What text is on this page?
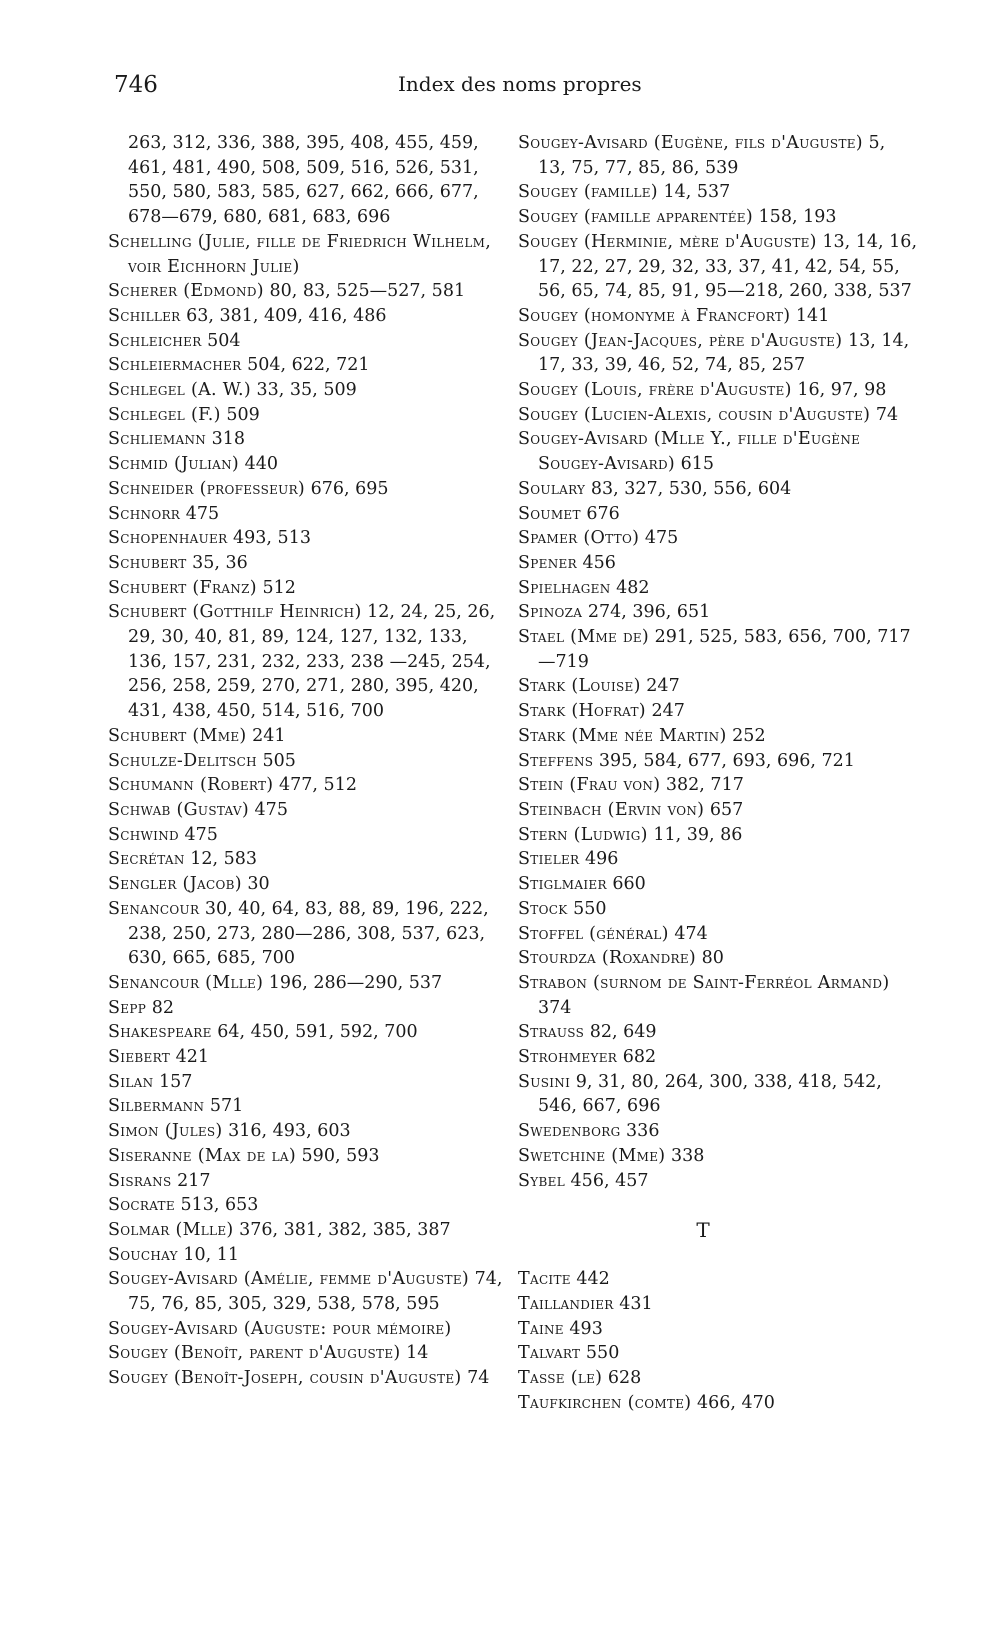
746	Index des noms propres
263, 312, 336, 388, 395, 408, 455, 459, 461, 481, 490, 508, 509, 516, 526, 531, 550, 580, 583, 585, 627, 662, 666, 677, 678—679, 680, 681, 683, 696
Schelling (Julie, fille de Friedrich Wilhelm, voir Eichhorn Julie)
Scherer (Edmond) 80, 83, 525—527, 581
Schiller 63, 381, 409, 416, 486
Schleicher 504
Schleiermacher 504, 622, 721
Schlegel (A. W.) 33, 35, 509
Schlegel (F.) 509
Schliemann 318
Schmid (Julian) 440
Schneider (professeur) 676, 695
Schnorr 475
Schopenhauer 493, 513
Schubert 35, 36
Schubert (Franz) 512
Schubert (Gotthilf Heinrich) 12, 24, 25, 26, 29, 30, 40, 81, 89, 124, 127, 132, 133, 136, 157, 231, 232, 233, 238 —245, 254, 256, 258, 259, 270, 271, 280, 395, 420, 431, 438, 450, 514, 516, 700
Schubert (Mme) 241
Schulze-Delitsch 505
Schumann (Robert) 477, 512
Schwab (Gustav) 475
Schwind 475
Secrétan 12, 583
Sengler (Jacob) 30
Senancour 30, 40, 64, 83, 88, 89, 196, 222, 238, 250, 273, 280—286, 308, 537, 623, 630, 665, 685, 700
Senancour (Mlle) 196, 286—290, 537
Sepp 82
Shakespeare 64, 450, 591, 592, 700
Siebert 421
Silan 157
Silbermann 571
Simon (Jules) 316, 493, 603
Siseranne (Max de la) 590, 593
Sisrans 217
Socrate 513, 653
Solmar (Mlle) 376, 381, 382, 385, 387
Souchay 10, 11
Sougey-Avisard (Amélie, femme d'Auguste) 74, 75, 76, 85, 305, 329, 538, 578, 595
Sougey-Avisard (Auguste: pour mémoire)
Sougey (Benoît, parent d'Auguste) 14
Sougey (Benoît-Joseph, cousin d'Auguste) 74
Sougey-Avisard (Eugène, fils d'Auguste) 5, 13, 75, 77, 85, 86, 539
Sougey (famille) 14, 537
Sougey (famille apparentée) 158, 193
Sougey (Herminie, mère d'Auguste) 13, 14, 16, 17, 22, 27, 29, 32, 33, 37, 41, 42, 54, 55, 56, 65, 74, 85, 91, 95—218, 260, 338, 537
Sougey (homonyme à Francfort) 141
Sougey (Jean-Jacques, père d'Auguste) 13, 14, 17, 33, 39, 46, 52, 74, 85, 257
Sougey (Louis, frère d'Auguste) 16, 97, 98
Sougey (Lucien-Alexis, cousin d'Auguste) 74
Sougey-Avisard (Mlle Y., fille d'Eugène Sougey-Avisard) 615
Soulary 83, 327, 530, 556, 604
Soumet 676
Spamer (Otto) 475
Spener 456
Spielhagen 482
Spinoza 274, 396, 651
Stael (Mme de) 291, 525, 583, 656, 700, 717—719
Stark (Louise) 247
Stark (Hofrat) 247
Stark (Mme née Martin) 252
Steffens 395, 584, 677, 693, 696, 721
Stein (Frau von) 382, 717
Steinbach (Ervin von) 657
Stern (Ludwig) 11, 39, 86
Stieler 496
Stiglmaier 660
Stock 550
Stoffel (général) 474
Stourdza (Roxandre) 80
Strabon (surnom de Saint-Ferréol Armand) 374
Strauss 82, 649
Strohmeyer 682
Susini 9, 31, 80, 264, 300, 338, 418, 542, 546, 667, 696
Swedenborg 336
Swetchine (Mme) 338
Sybel 456, 457
T
Tacite 442
Taillandier 431
Taine 493
Talvart 550
Tasse (le) 628
Taufkirchen (comte) 466, 470
